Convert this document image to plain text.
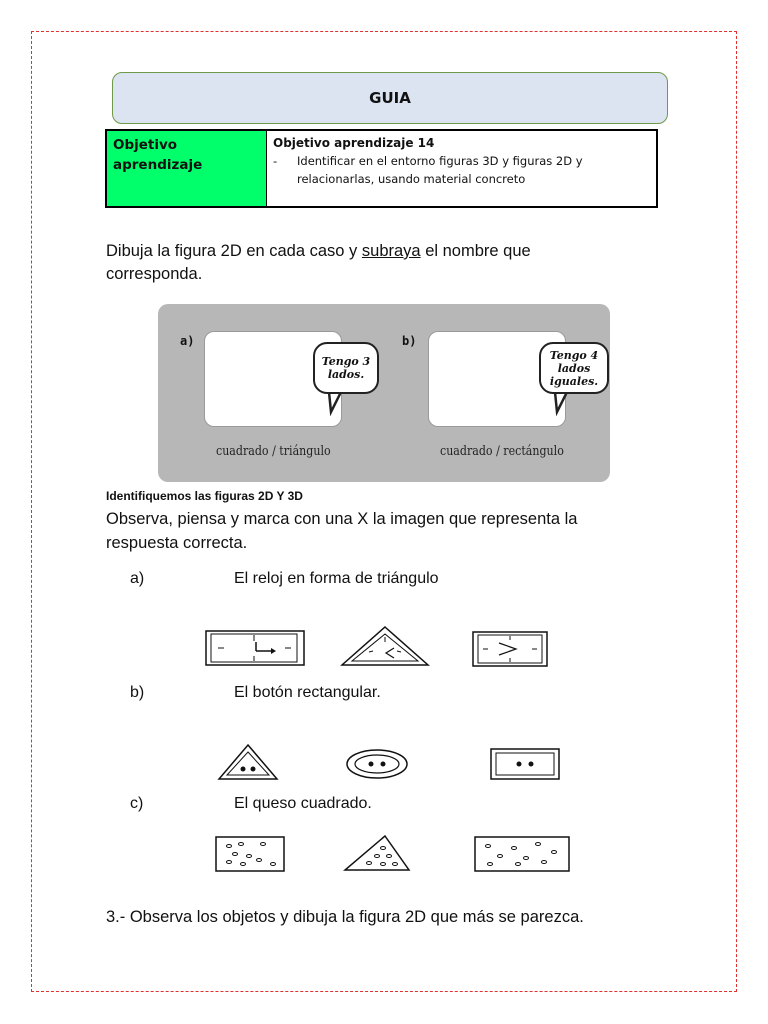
GUIA
Objetivo aprendizaje
Objetivo aprendizaje 14
-	Identificar en el entorno figuras 3D y figuras 2D y relacionarlas, usando material concreto
Dibuja la figura 2D en cada caso y subraya el nombre que corresponda.
a)
Tengo 3 lados.
cuadrado / triángulo
b)
Tengo 4 lados iguales.
cuadrado / rectángulo
Identifiquemos las figuras 2D Y 3D
Observa, piensa y marca con una X la imagen que representa la respuesta correcta.
a)	El reloj en forma de triángulo
b)	El botón rectangular.
c)	El queso cuadrado.
3.- Observa los objetos y dibuja la figura 2D que más se parezca.
